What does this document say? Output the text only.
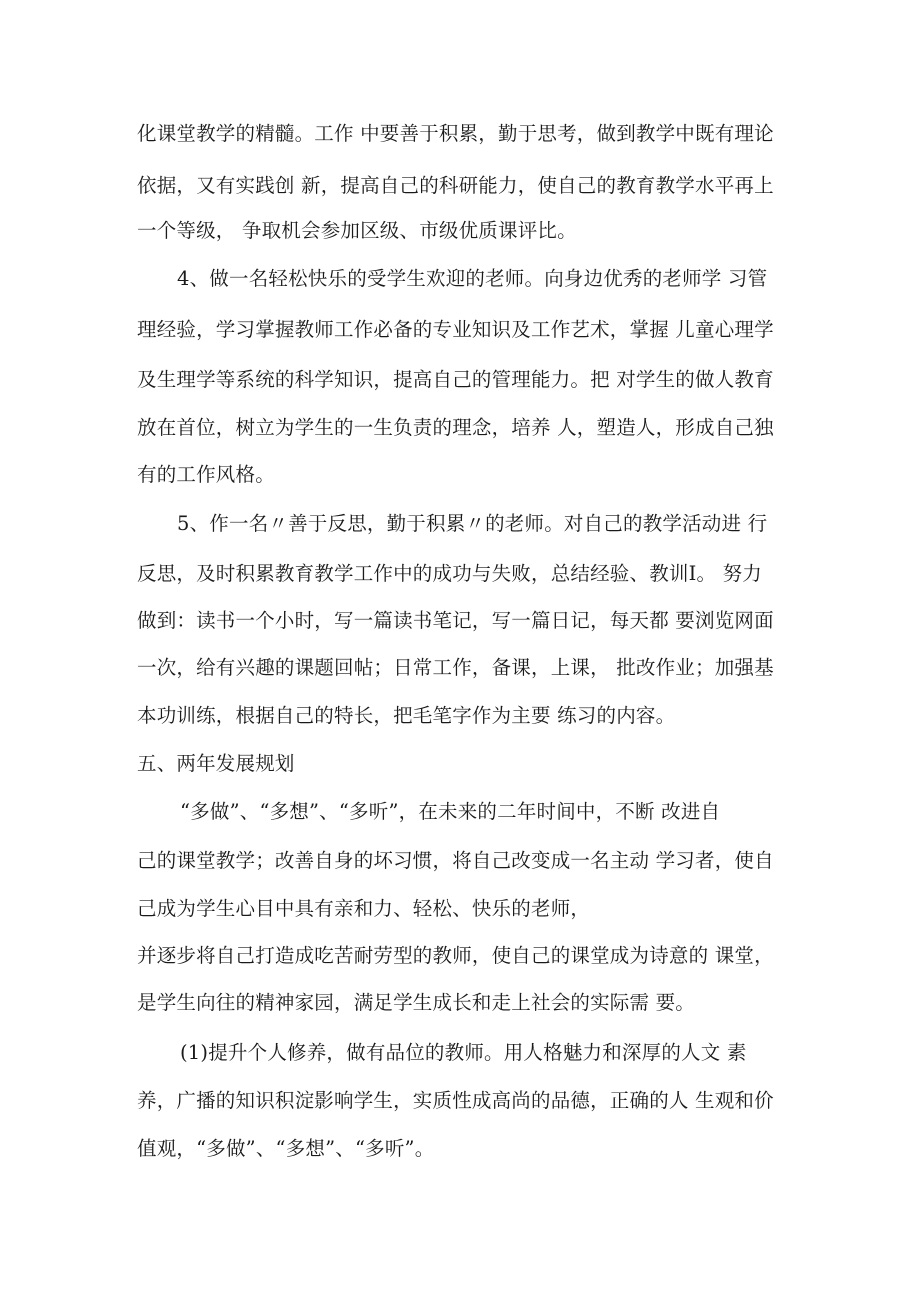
化课堂教学的精髓。工作 中要善于积累，勤于思考，做到教学中既有理论
依据，又有实践创 新，提高自己的科研能力，使自己的教育教学水平再上
一个等级， 争取机会参加区级、市级优质课评比。
4、做一名轻松快乐的受学生欢迎的老师。向身边优秀的老师学 习管
理经验，学习掌握教师工作必备的专业知识及工作艺术，掌握 儿童心理学
及生理学等系统的科学知识，提高自己的管理能力。把 对学生的做人教育
放在首位，树立为学生的一生负责的理念，培养 人，塑造人，形成自己独
有的工作风格。
5、作一名〃善于反思，勤于积累〃的老师。对自己的教学活动进 行
反思，及时积累教育教学工作中的成功与失败，总结经验、教训I。 努力
做到：读书一个小时，写一篇读书笔记，写一篇日记，每天都 要浏览网面
一次，给有兴趣的课题回帖；日常工作，备课，上课， 批改作业；加强基
本功训练，根据自己的特长，把毛笔字作为主要 练习的内容。
五、两年发展规划
“多做”、“多想”、“多听”，在未来的二年时间中，不断 改进自
己的课堂教学；改善自身的坏习惯，将自己改变成一名主动 学习者，使自
己成为学生心目中具有亲和力、轻松、快乐的老师，
并逐步将自己打造成吃苦耐劳型的教师，使自己的课堂成为诗意的 课堂，
是学生向往的精神家园，满足学生成长和走上社会的实际需 要。
(1)提升个人修养，做有品位的教师。用人格魅力和深厚的人文 素
养，广播的知识积淀影响学生，实质性成高尚的品德，正确的人 生观和价
值观，“多做”、“多想”、“多听”。
